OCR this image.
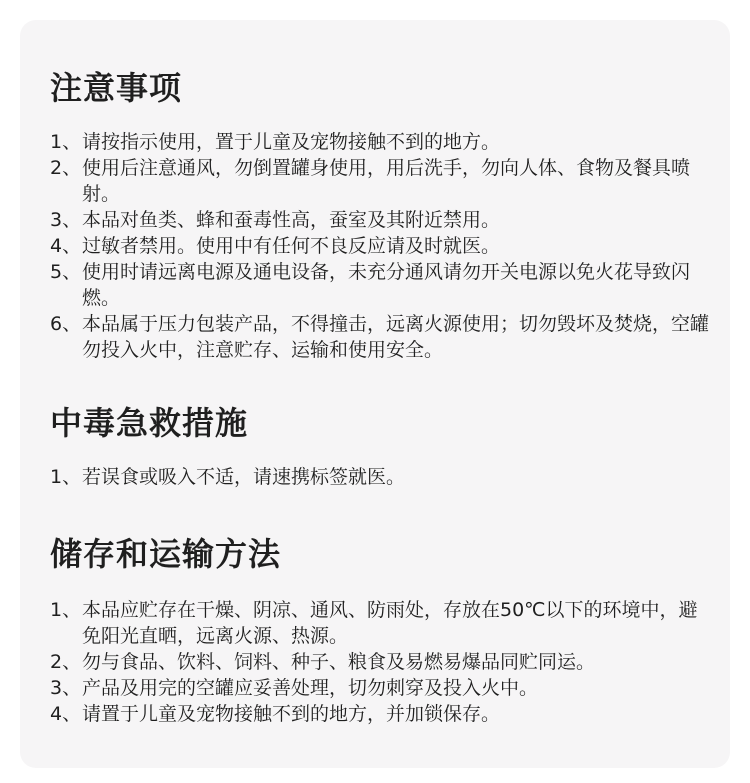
注意事项
1、 请按指示使用，置于儿童及宠物接触不到的地方。
2、 使用后注意通风，勿倒置罐身使用，用后洗手，勿向人体、食物及餐具喷射。
3、 本品对鱼类、蜂和蚕毒性高，蚕室及其附近禁用。
4、 过敏者禁用。使用中有任何不良反应请及时就医。
5、 使用时请远离电源及通电设备，未充分通风请勿开关电源以免火花导致闪燃。
6、 本品属于压力包装产品，不得撞击，远离火源使用；切勿毁坏及焚烧，空罐勿投入火中，注意贮存、运输和使用安全。
中毒急救措施
1、 若误食或吸入不适，请速携标签就医。
储存和运输方法
1、 本品应贮存在干燥、阴凉、通风、防雨处，存放在50℃以下的环境中，避免阳光直晒，远离火源、热源。
2、 勿与食品、饮料、饲料、种子、粮食及易燃易爆品同贮同运。
3、 产品及用完的空罐应妥善处理，切勿刺穿及投入火中。
4、 请置于儿童及宠物接触不到的地方，并加锁保存。
